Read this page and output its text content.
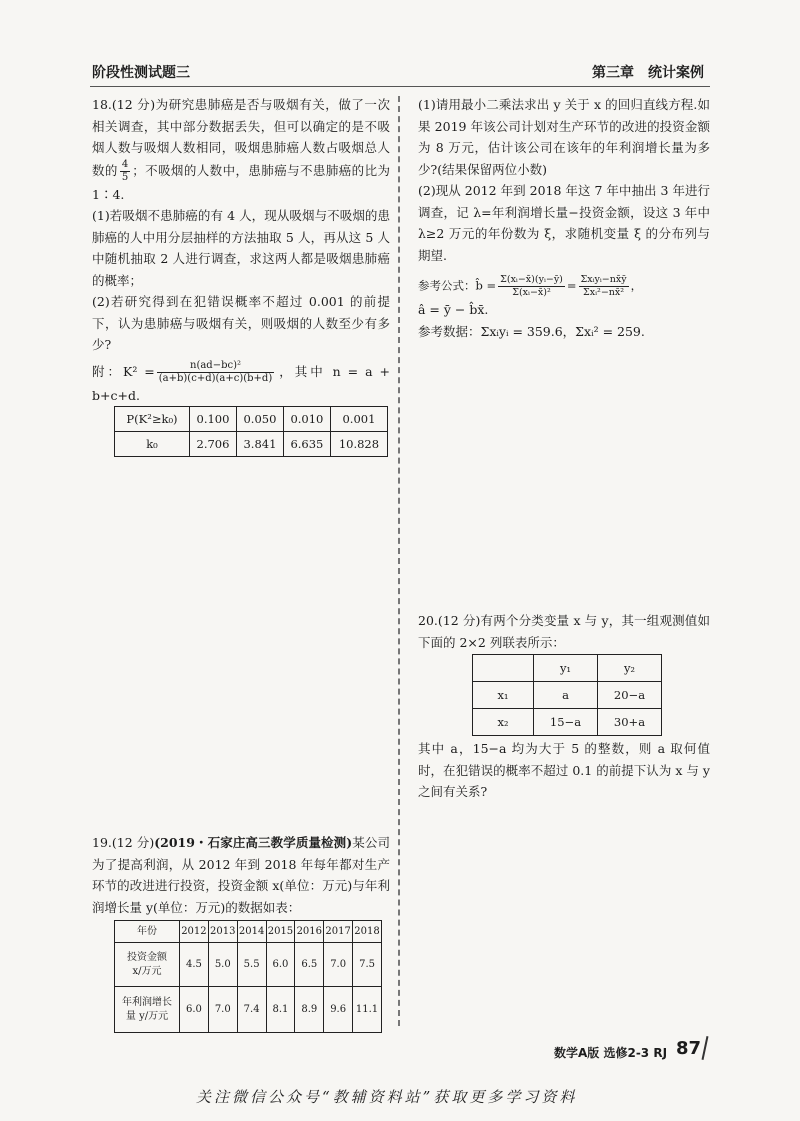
阶段性测试题三	第三章　统计案例

18.(12 分)为研究患肺癌是否与吸烟有关，做了一次相关调查，其中部分数据丢失，但可以确定的是不吸烟人数与吸烟人数相同，吸烟患肺癌人数占吸烟总人数的 $\frac{4}{5}$ ；不吸烟的人数中，患肺癌与不患肺癌的比为 1∶4.

(1)若吸烟不患肺癌的有 4 人，现从吸烟与不吸烟的患肺癌的人中用分层抽样的方法抽取 5 人，再从这 5 人中随机抽取 2 人进行调查，求这两人都是吸烟患肺癌的概率；

(2)若研究得到在犯错误概率不超过 0.001 的前提下，认为患肺癌与吸烟有关，则吸烟的人数至少有多少?

附：$K^2 = \frac{\text{n(ad−bc)²}}{(a+b)(c+d)(a+c)(b+d)}$ ，其中 n = a + b+c+d.

P(K²≥k₀)	0.100	0.050	0.010	0.001
k₀	2.706	3.841	6.635	10.828

19.(12 分)(2019・石家庄高三教学质量检测)某公司为了提高利润，从 2012 年到 2018 年每年都对生产环节的改进进行投资，投资金额 x(单位：万元)与年利润增长量 y(单位：万元)的数据如表：

年份	2012	2013	2014	2015	2016	2017	2018
投资金额
x/万元	4.5	5.0	5.5	6.0	6.5	7.0	7.5
年利润增长
量 y/万元	6.0	7.0	7.4	8.1	8.9	9.6	11.1

(1)请用最小二乘法求出 y 关于 x 的回归直线方程.如果 2019 年该公司计划对生产环节的改进的投资金额为 8 万元，估计该公司在该年的年利润增长量为多少?(结果保留两位小数)

(2)现从 2012 年到 2018 年这 7 年中抽出 3 年进行调查，记 λ=年利润增长量−投资金额，设这 3 年中 λ≥2 万元的年份数为 ξ，求随机变量 ξ 的分布列与期望.

参考公式：b̂ = $\frac{\text{Σ(xᵢ−x̄)(yᵢ−ȳ)}}{\text{Σ(xᵢ−x̄)²}} = \frac{\text{Σxᵢyᵢ−nx̄ȳ}}{\text{Σxᵢ²−nx̄²}}$ ，

â = ȳ − b̂x̄.

参考数据：Σxᵢyᵢ = 359.6，Σxᵢ² = 259.

20.(12 分)有两个分类变量 x 与 y，其一组观测值如下面的 2×2 列联表所示：

	y₁	y₂
x₁	a	20−a
x₂	15−a	30+a

其中 a，15−a 均为大于 5 的整数，则 a 取何值时，在犯错误的概率不超过 0.1 的前提下认为 x 与 y 之间有关系?

数学A版 选修2-3 RJ 87
关注微信公众号“教辅资料站”获取更多学习资料
